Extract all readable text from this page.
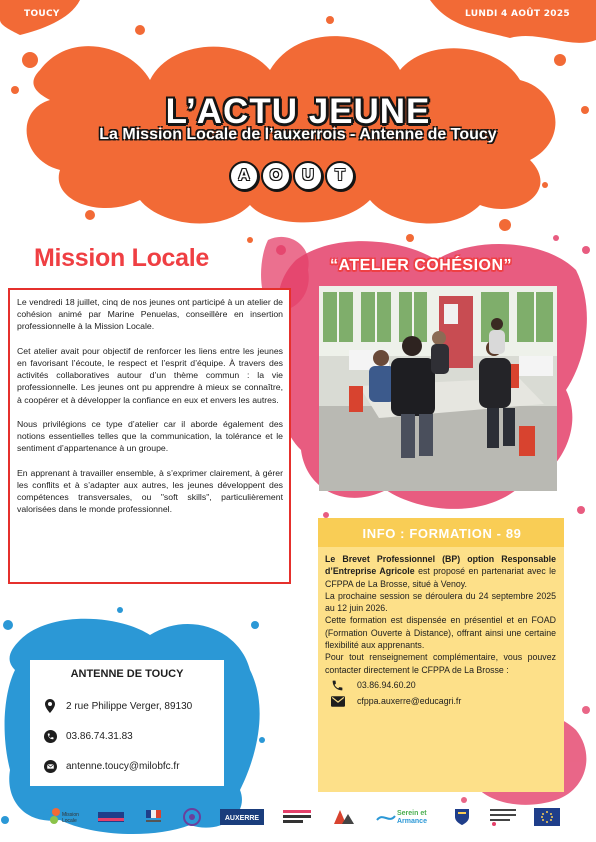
TOUCY	LUNDI 4 AOÛT 2025
L’ACTU JEUNE
La Mission Locale de l’auxerrois - Antenne de Toucy
A	O	U	T
Mission Locale

Le vendredi 18 juillet, cinq de nos jeunes ont participé à un atelier de cohésion animé par Marine Penuelas, conseillère en insertion professionnelle à la Mission Locale.

Cet atelier avait pour objectif de renforcer les liens entre les jeunes en favorisant l’écoute, le respect et l’esprit d’équipe. À travers des activités collaboratives autour d’un thème commun : la vie professionnelle. Les jeunes ont pu apprendre à mieux se connaître, à coopérer et à développer la confiance en eux et envers les autres.

Nous privilégions ce type d’atelier car il aborde également des notions essentielles telles que la communication, la tolérance et le sentiment d’appartenance à un groupe.

En apprenant à travailler ensemble, à s’exprimer clairement, à gérer les conflits et à s’adapter aux autres, les jeunes développent des compétences transversales, ou "soft skills", particulièrement valorisées dans le monde professionnel.

“ATELIER COHÉSION”
INFO : FORMATION - 89

Le Brevet Professionnel (BP) option Responsable d’Entreprise Agricole est proposé en partenariat avec le CFPPA de La Brosse, situé à Venoy.

La prochaine session se déroulera du 24 septembre 2025 au 12 juin 2026.

Cette formation est dispensée en présentiel et en FOAD (Formation Ouverte à Distance), offrant ainsi une certaine flexibilité aux apprenants.

Pour tout renseignement complémentaire, vous pouvez contacter directement le CFPPA de La Brosse :

03.86.94.60.20
cfppa.auxerre@educagri.fr
ANTENNE DE TOUCY
2 rue Philippe Verger, 89130
03.86.74.31.83
antenne.toucy@milobfc.fr
Mission
Locale	AUXERRE
Serein et
Armance
